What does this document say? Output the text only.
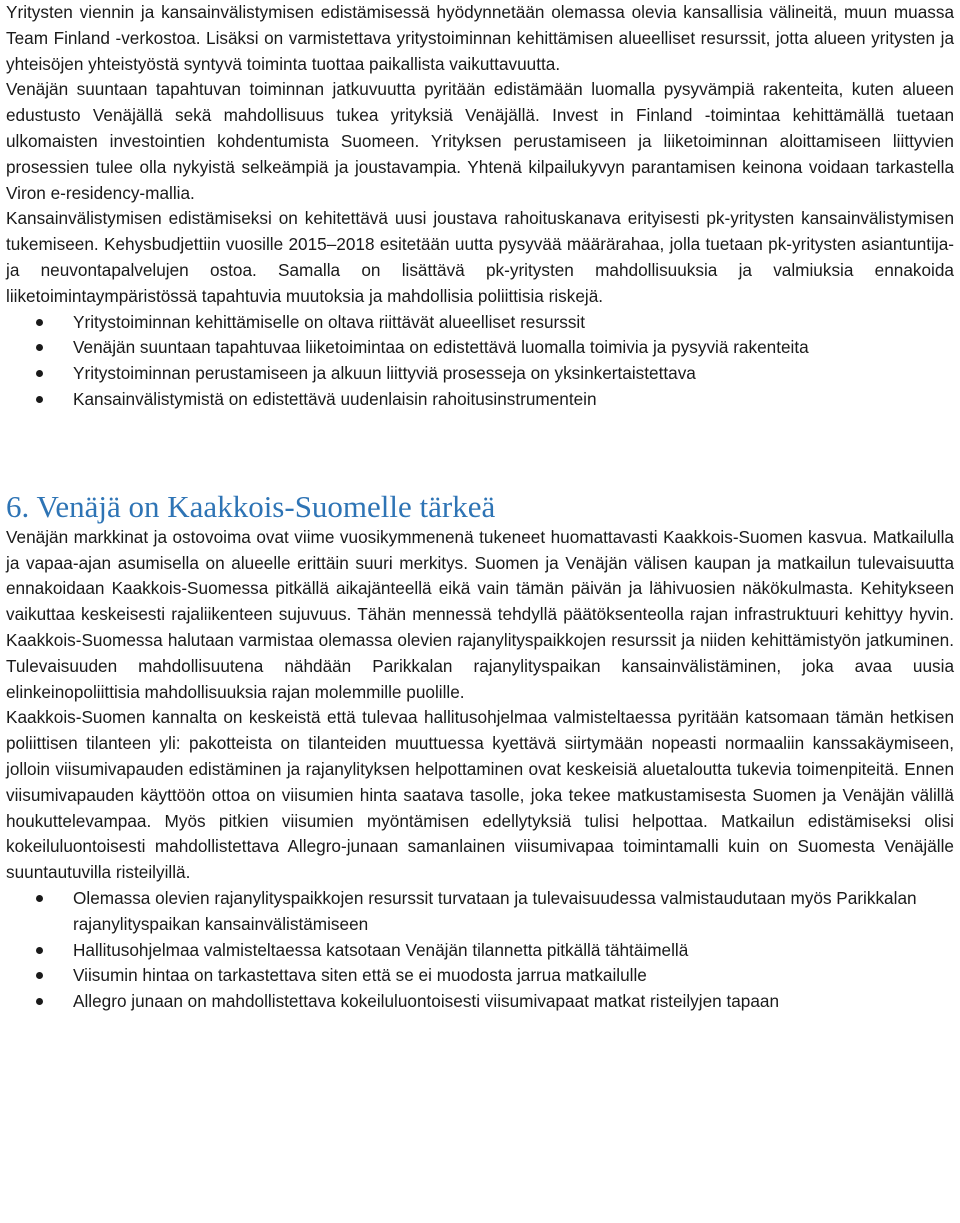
Yritysten viennin ja kansainvälistymisen edistämisessä hyödynnetään olemassa olevia kansallisia välineitä, muun muassa Team Finland -verkostoa. Lisäksi on varmistettava yritystoiminnan kehittämisen alueelliset resurssit, jotta alueen yritysten ja yhteisöjen yhteistyöstä syntyvä toiminta tuottaa paikallista vaikuttavuutta.

Venäjän suuntaan tapahtuvan toiminnan jatkuvuutta pyritään edistämään luomalla pysyvämpiä rakenteita, kuten alueen edustusto Venäjällä sekä mahdollisuus tukea yrityksiä Venäjällä. Invest in Finland -toimintaa kehittämällä tuetaan ulkomaisten investointien kohdentumista Suomeen. Yrityksen perustamiseen ja liiketoiminnan aloittamiseen liittyvien prosessien tulee olla nykyistä selkeämpiä ja joustavampia. Yhtenä kilpailukyvyn parantamisen keinona voidaan tarkastella Viron e-residency-mallia.

Kansainvälistymisen edistämiseksi on kehitettävä uusi joustava rahoituskanava erityisesti pk-yritysten kansainvälistymisen tukemiseen. Kehysbudjettiin vuosille 2015–2018 esitetään uutta pysyvää määrärahaa, jolla tuetaan pk-yritysten asiantuntija- ja neuvontapalvelujen ostoa. Samalla on lisättävä pk-yritysten mahdollisuuksia ja valmiuksia ennakoida liiketoimintaympäristössä tapahtuvia muutoksia ja mahdollisia poliittisia riskejä.

Yritystoiminnan kehittämiselle on oltava riittävät alueelliset resurssit
Venäjän suuntaan tapahtuvaa liiketoimintaa on edistettävä luomalla toimivia ja pysyviä rakenteita
Yritystoiminnan perustamiseen ja alkuun liittyviä prosesseja on yksinkertaistettava
Kansainvälistymistä on edistettävä uudenlaisin rahoitusinstrumentein
6. Venäjä on Kaakkois-Suomelle tärkeä

Venäjän markkinat ja ostovoima ovat viime vuosikymmenenä tukeneet huomattavasti Kaakkois-Suomen kasvua. Matkailulla ja vapaa-ajan asumisella on alueelle erittäin suuri merkitys. Suomen ja Venäjän välisen kaupan ja matkailun tulevaisuutta ennakoidaan Kaakkois-Suomessa pitkällä aikajänteellä eikä vain tämän päivän ja lähivuosien näkökulmasta. Kehitykseen vaikuttaa keskeisesti rajaliikenteen sujuvuus. Tähän mennessä tehdyllä päätöksenteolla rajan infrastruktuuri kehittyy hyvin. Kaakkois-Suomessa halutaan varmistaa olemassa olevien rajanylityspaikkojen resurssit ja niiden kehittämistyön jatkuminen. Tulevaisuuden mahdollisuutena nähdään Parikkalan rajanylityspaikan kansainvälistäminen, joka avaa uusia elinkeinopoliittisia mahdollisuuksia rajan molemmille puolille.

Kaakkois-Suomen kannalta on keskeistä että tulevaa hallitusohjelmaa valmisteltaessa pyritään katsomaan tämän hetkisen poliittisen tilanteen yli: pakotteista on tilanteiden muuttuessa kyettävä siirtymään nopeasti normaaliin kanssakäymiseen, jolloin viisumivapauden edistäminen ja rajanylityksen helpottaminen ovat keskeisiä aluetaloutta tukevia toimenpiteitä. Ennen viisumivapauden käyttöön ottoa on viisumien hinta saatava tasolle, joka tekee matkustamisesta Suomen ja Venäjän välillä houkuttelevampaa. Myös pitkien viisumien myöntämisen edellytyksiä tulisi helpottaa. Matkailun edistämiseksi olisi kokeiluluontoisesti mahdollistettava Allegro-junaan samanlainen viisumivapaa toimintamalli kuin on Suomesta Venäjälle suuntautuvilla risteilyillä.

Olemassa olevien rajanylityspaikkojen resurssit turvataan ja tulevaisuudessa valmistaudutaan myös Parikkalan rajanylityspaikan kansainvälistämiseen
Hallitusohjelmaa valmisteltaessa katsotaan Venäjän tilannetta pitkällä tähtäimellä
Viisumin hintaa on tarkastettava siten että se ei muodosta jarrua matkailulle
Allegro junaan on mahdollistettava kokeiluluontoisesti viisumivapaat matkat risteilyjen tapaan
